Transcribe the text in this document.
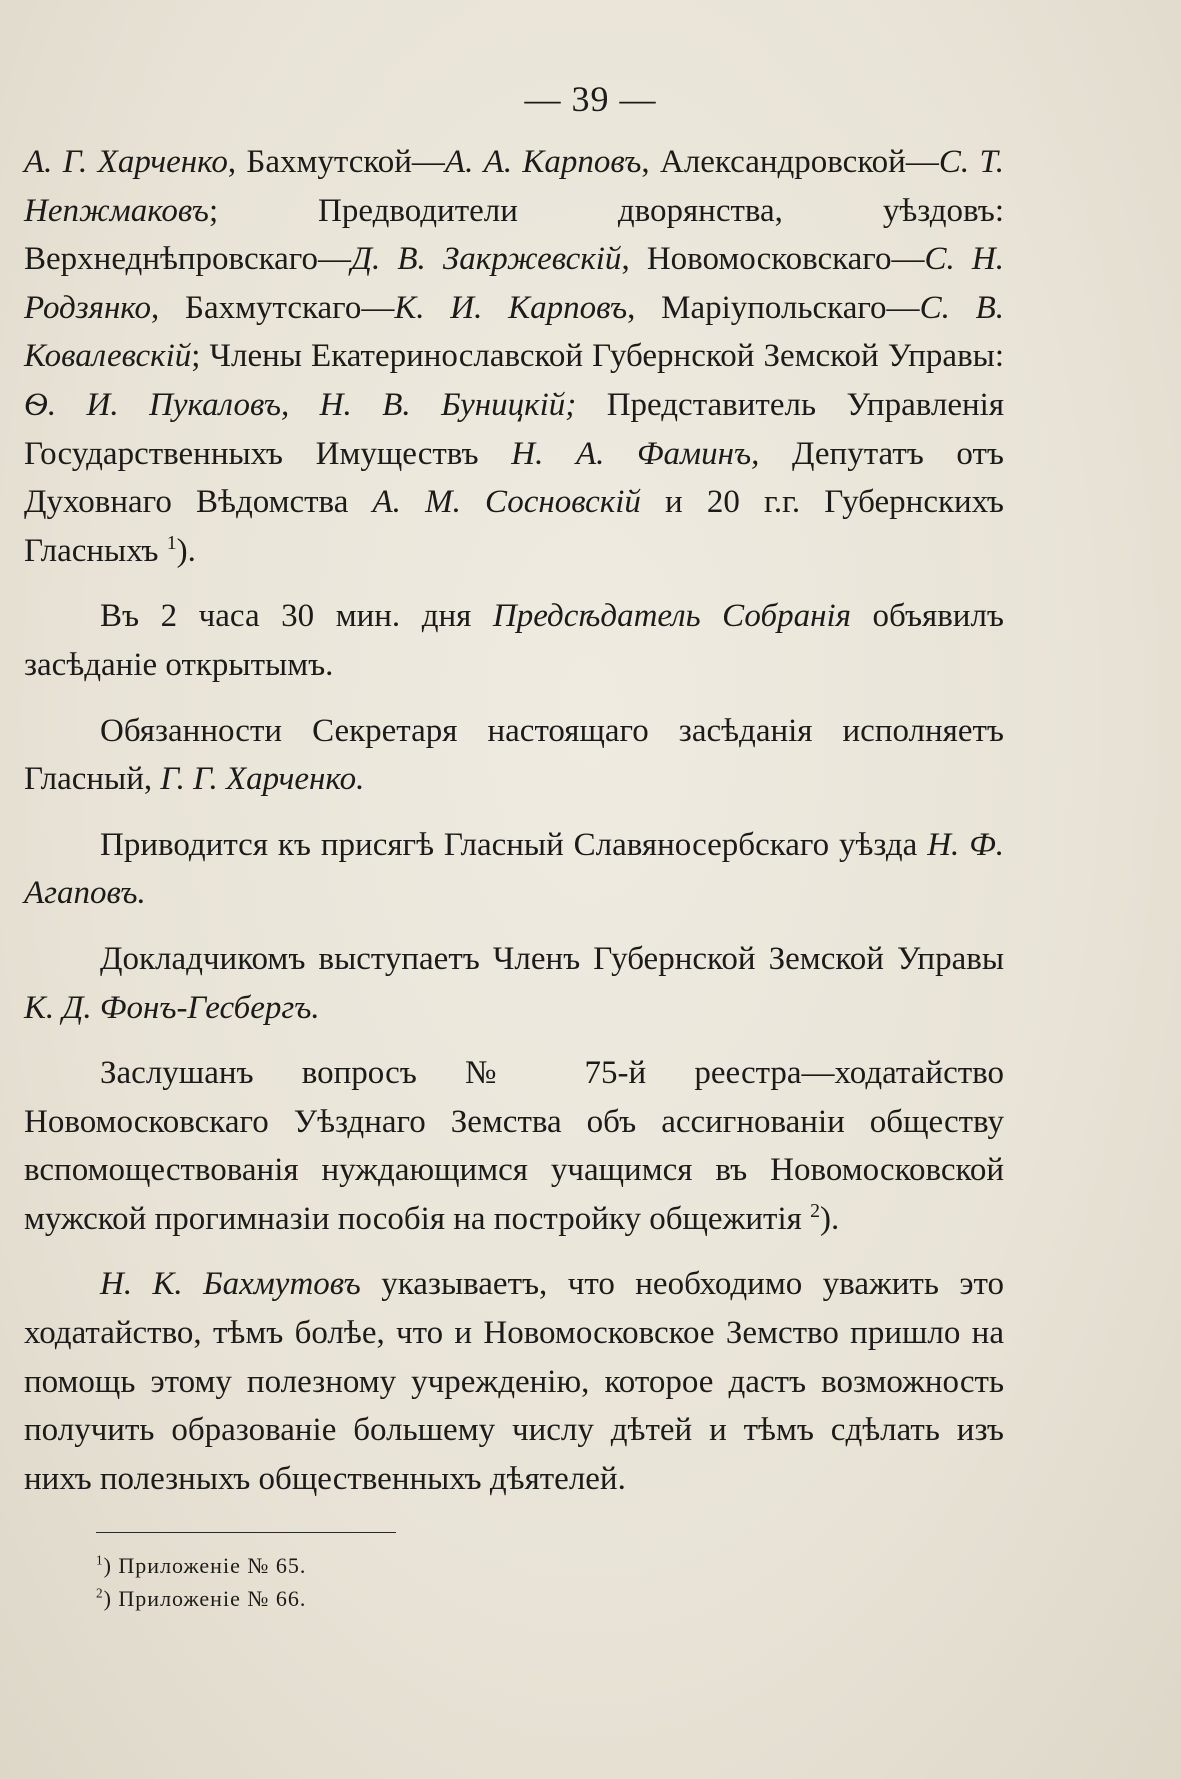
— 39 —

А. Г. Харченко, Бахмутской—А. А. Карповъ, Александровской—С. Т. Непжмаковъ; Предводители дворянства, уѣздовъ: Верхнеднѣпровскаго—Д. В. Закржевскій, Новомосковскаго—С. Н. Родзянко, Бахмутскаго—К. И. Карповъ, Маріупольскаго—С. В. Ковалевскій; Члены Екатеринославской Губернской Земской Управы: Ѳ. И. Пукаловъ, Н. В. Буницкій; Представитель Управленія Государственныхъ Имуществъ Н. А. Фаминъ, Депутатъ отъ Духовнаго Вѣдомства А. М. Сосновскій и 20 г.г. Губернскихъ Гласныхъ $^1$).

Въ 2 часа 30 мин. дня Предсѣдатель Собранія объявилъ засѣданіе открытымъ.

Обязанности Секретаря настоящаго засѣданія исполняетъ Гласный, Г. Г. Харченко.

Приводится къ присягѣ Гласный Славяносербскаго уѣзда Н. Ф. Агаповъ.

Докладчикомъ выступаетъ Членъ Губернской Земской Управы К. Д. Фонъ-Гесбергъ.

Заслушанъ вопросъ № 75-й реестра—ходатайство Новомосковскаго Уѣзднаго Земства объ ассигнованіи обществу вспомоществованія нуждающимся учащимся въ Новомосковской мужской прогимназіи пособія на постройку общежитія $^2$).

Н. К. Бахмутовъ указываетъ, что необходимо уважить это ходатайство, тѣмъ болѣе, что и Новомосковское Земство пришло на помощь этому полезному учрежденію, которое дастъ возможность получить образованіе большему числу дѣтей и тѣмъ сдѣлать изъ нихъ полезныхъ общественныхъ дѣятелей.

$^1$) Приложеніе № 65.
$^2$) Приложеніе № 66.
